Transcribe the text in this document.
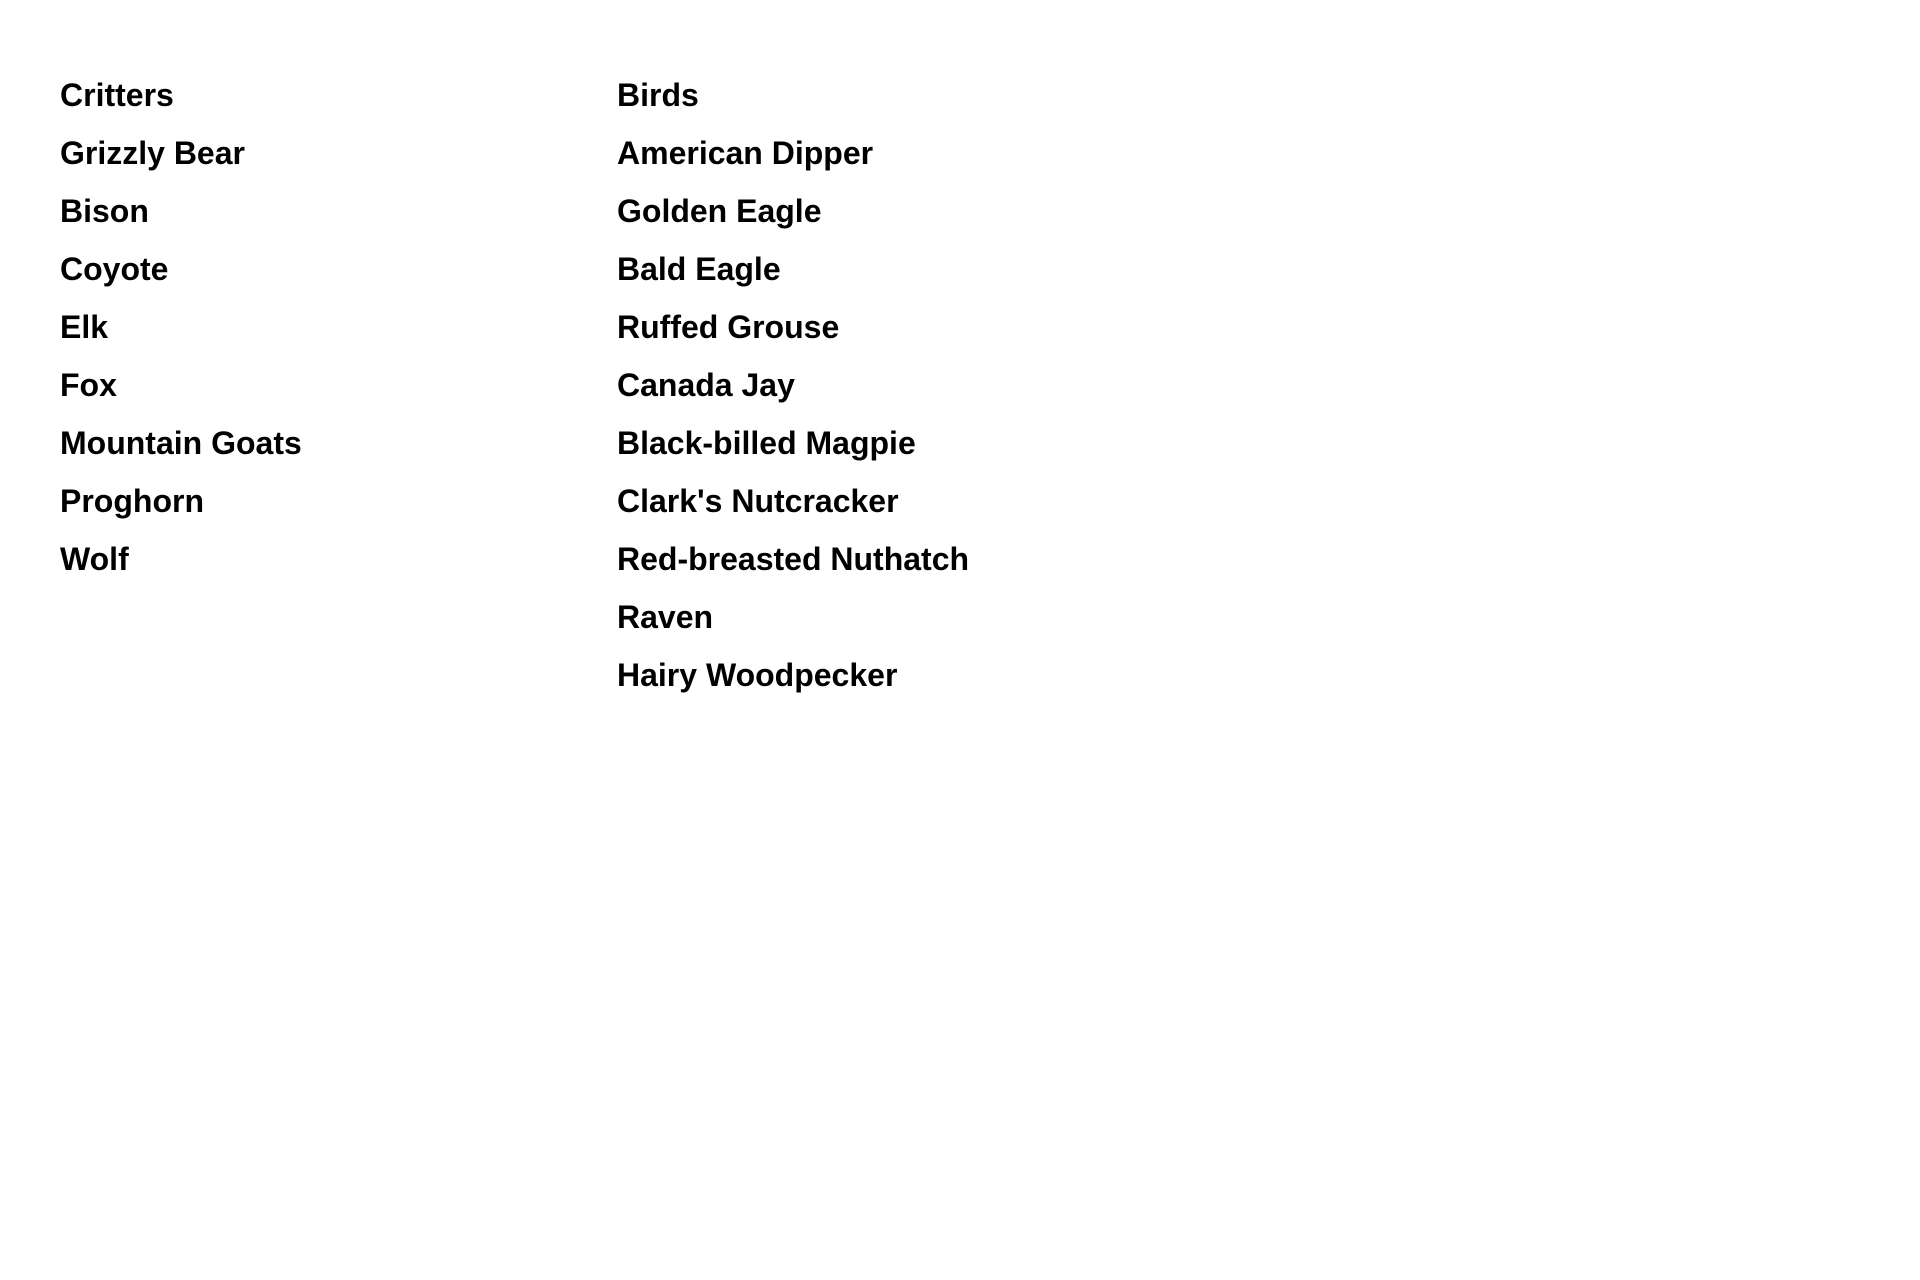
Critters

Grizzly Bear

Bison

Coyote

Elk

Fox

Mountain Goats

Proghorn

Wolf

Birds

American Dipper

Golden Eagle

Bald Eagle

Ruffed Grouse

Canada Jay

Black-billed Magpie

Clark's Nutcracker

Red-breasted Nuthatch

Raven

Hairy Woodpecker
